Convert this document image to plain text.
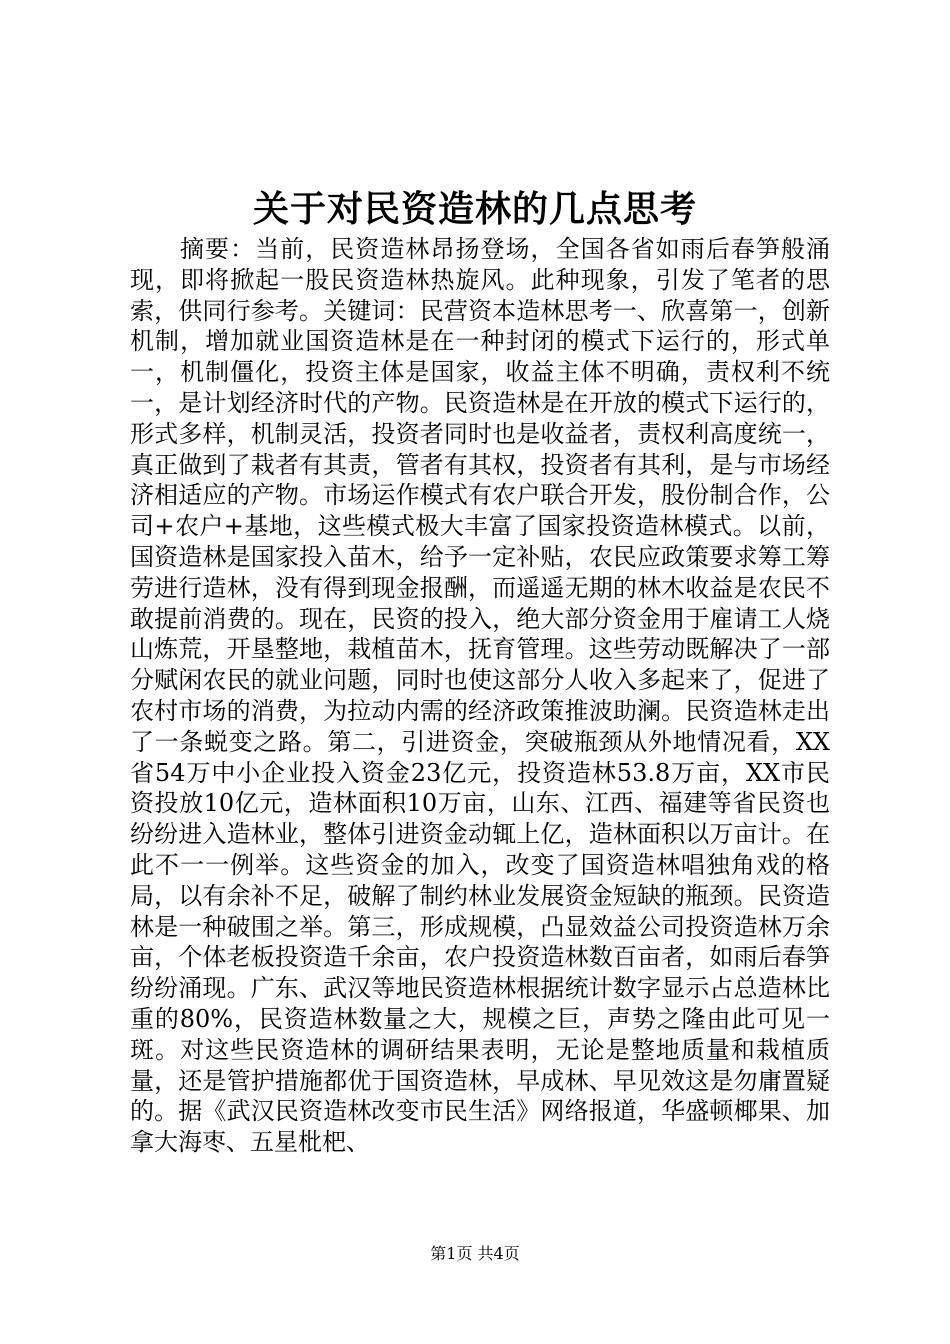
关于对民资造林的几点思考

摘要：当前，民资造林昂扬登场，全国各省如雨后春笋般涌现，即将掀起一股民资造林热旋风。此种现象，引发了笔者的思索，供同行参考。关键词：民营资本造林思考一、欣喜第一，创新机制，增加就业国资造林是在一种封闭的模式下运行的，形式单一，机制僵化，投资主体是国家，收益主体不明确，责权利不统一，是计划经济时代的产物。民资造林是在开放的模式下运行的，形式多样，机制灵活，投资者同时也是收益者，责权利高度统一，真正做到了栽者有其责，管者有其权，投资者有其利，是与市场经济相适应的产物。市场运作模式有农户联合开发，股份制合作，公司+农户+基地，这些模式极大丰富了国家投资造林模式。以前，国资造林是国家投入苗木，给予一定补贴，农民应政策要求筹工筹劳进行造林，没有得到现金报酬，而遥遥无期的林木收益是农民不敢提前消费的。现在，民资的投入，绝大部分资金用于雇请工人烧山炼荒，开垦整地，栽植苗木，抚育管理。这些劳动既解决了一部分赋闲农民的就业问题，同时也使这部分人收入多起来了，促进了农村市场的消费，为拉动内需的经济政策推波助澜。民资造林走出了一条蜕变之路。第二，引进资金，突破瓶颈从外地情况看，XX省54万中小企业投入资金23亿元，投资造林53.8万亩，XX市民资投放10亿元，造林面积10万亩，山东、江西、福建等省民资也纷纷进入造林业，整体引进资金动辄上亿，造林面积以万亩计。在此不一一例举。这些资金的加入，改变了国资造林唱独角戏的格局，以有余补不足，破解了制约林业发展资金短缺的瓶颈。民资造林是一种破围之举。第三，形成规模，凸显效益公司投资造林万余亩，个体老板投资造千余亩，农户投资造林数百亩者，如雨后春笋纷纷涌现。广东、武汉等地民资造林根据统计数字显示占总造林比重的80%，民资造林数量之大，规模之巨，声势之隆由此可见一斑。对这些民资造林的调研结果表明，无论是整地质量和栽植质量，还是管护措施都优于国资造林，早成林、早见效这是勿庸置疑的。据《武汉民资造林改变市民生活》网络报道，华盛顿椰果、加拿大海枣、五星枇杷、

第1页 共4页
